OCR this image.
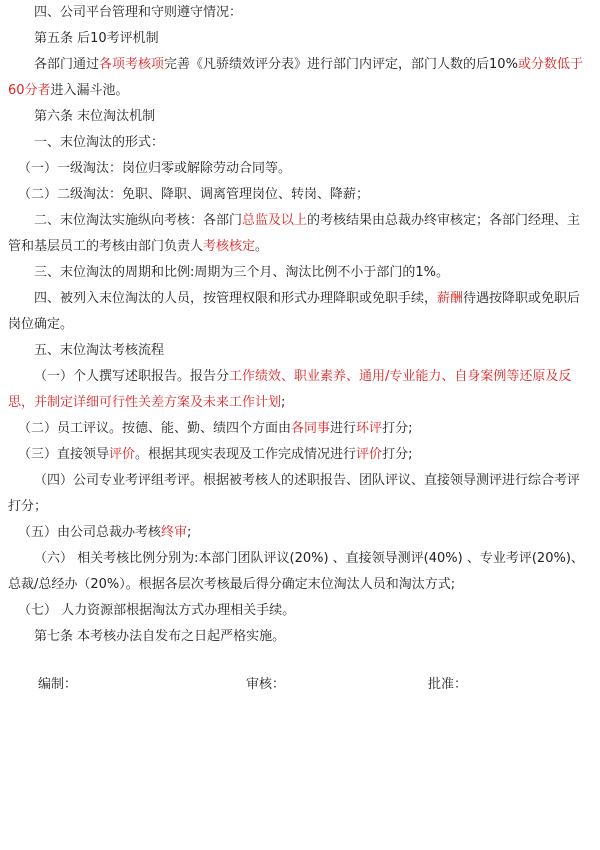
四、公司平台管理和守则遵守情况：
第五条 后10考评机制
各部门通过各项考核项完善《凡骄绩效评分表》进行部门内评定，部门人数的后10%或分数低于60分者进入漏斗池。
第六条 末位淘汰机制
一、末位淘汰的形式：
（一）一级淘汰：岗位归零或解除劳动合同等。
（二）二级淘汰：免职、降职、调离管理岗位、转岗、降薪；
二、末位淘汰实施纵向考核：各部门总监及以上的考核结果由总裁办终审核定；各部门经理、主管和基层员工的考核由部门负责人考核核定。
三、末位淘汰的周期和比例:周期为三个月、淘汰比例不小于部门的1%。
四、被列入末位淘汰的人员，按管理权限和形式办理降职或免职手续，薪酬待遇按降职或免职后岗位确定。
五、末位淘汰考核流程
（一）个人撰写述职报告。报告分工作绩效、职业素养、通用/专业能力、自身案例等还原及反思，并制定详细可行性关差方案及未来工作计划;
（二）员工评议。按德、能、勤、绩四个方面由各同事进行环评打分;
（三）直接领导评价。根据其现实表现及工作完成情况进行评价打分;
（四）公司专业考评组考评。根据被考核人的述职报告、团队评议、直接领导测评进行综合考评打分；
（五）由公司总裁办考核终审;
（六） 相关考核比例分别为:本部门团队评议(20%) 、直接领导测评(40%) 、专业考评(20%)、总裁/总经办（20%）。根据各层次考核最后得分确定末位淘汰人员和淘汰方式;
（七） 人力资源部根据淘汰方式办理相关手续。
第七条 本考核办法自发布之日起严格实施。
编制：	审核：	批准：
